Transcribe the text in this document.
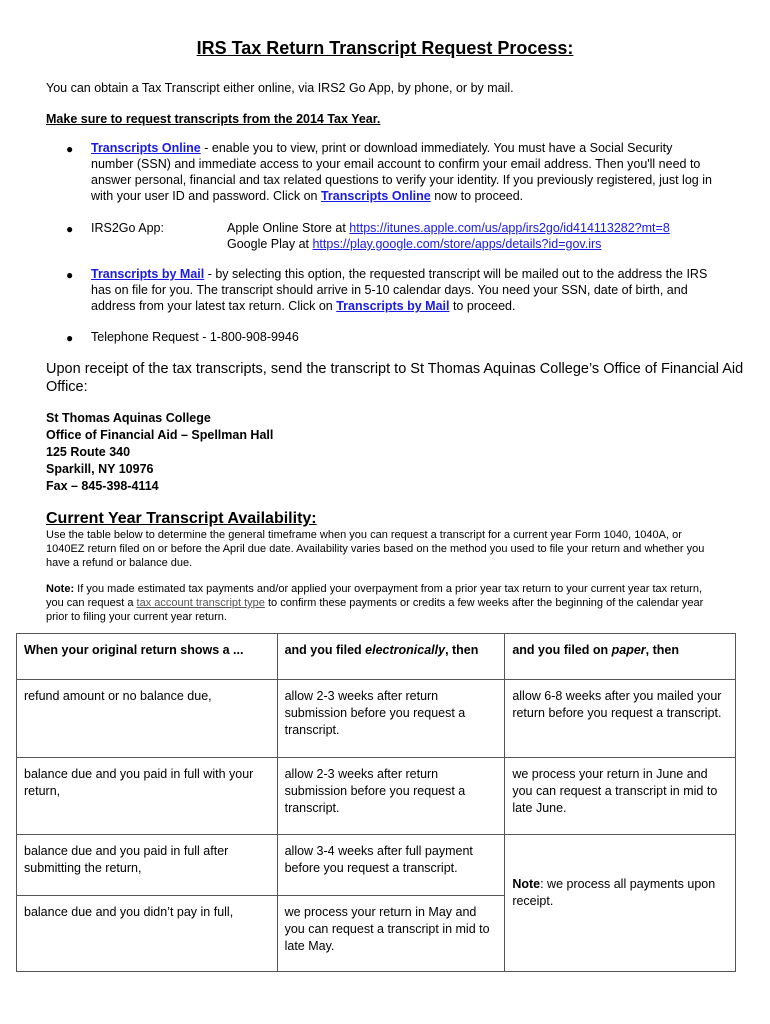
IRS Tax Return Transcript Request Process:
You can obtain a Tax Transcript either online, via IRS2 Go App, by phone, or by mail.
Make sure to request transcripts from the 2014 Tax Year.
● Transcripts Online - enable you to view, print or download immediately. You must have a Social Security
number (SSN) and immediate access to your email account to confirm your email address. Then you'll need to
answer personal, financial and tax related questions to verify your identity. If you previously registered, just log in
with your user ID and password. Click on Transcripts Online now to proceed.
● IRS2Go App:	Apple Online Store at https://itunes.apple.com/us/app/irs2go/id414113282?mt=8
Google Play at https://play.google.com/store/apps/details?id=gov.irs
● Transcripts by Mail - by selecting this option, the requested transcript will be mailed out to the address the IRS
has on file for you. The transcript should arrive in 5-10 calendar days. You need your SSN, date of birth, and
address from your latest tax return. Click on Transcripts by Mail to proceed.
● Telephone Request - 1-800-908-9946
Upon receipt of the tax transcripts, send the transcript to St Thomas Aquinas College’s Office of Financial Aid
Office:
St Thomas Aquinas College
Office of Financial Aid – Spellman Hall
125 Route 340
Sparkill, NY 10976
Fax – 845-398-4114
Current Year Transcript Availability:
Use the table below to determine the general timeframe when you can request a transcript for a current year Form 1040, 1040A, or
1040EZ return filed on or before the April due date. Availability varies based on the method you used to file your return and whether you
have a refund or balance due.
Note: If you made estimated tax payments and/or applied your overpayment from a prior year tax return to your current year tax return,
you can request a tax account transcript type to confirm these payments or credits a few weeks after the beginning of the calendar year
prior to filing your current year return.
When your original return shows a ...	and you filed electronically, then	and you filed on paper, then
refund amount or no balance due,	allow 2-3 weeks after return submission before you request a transcript.	allow 6-8 weeks after you mailed your return before you request a transcript.
balance due and you paid in full with your return,	allow 2-3 weeks after return submission before you request a transcript.	we process your return in June and you can request a transcript in mid to late June.
balance due and you paid in full after submitting the return,	allow 3-4 weeks after full payment before you request a transcript.	Note: we process all payments upon receipt.
balance due and you didn’t pay in full,	we process your return in May and you can request a transcript in mid to late May.	
